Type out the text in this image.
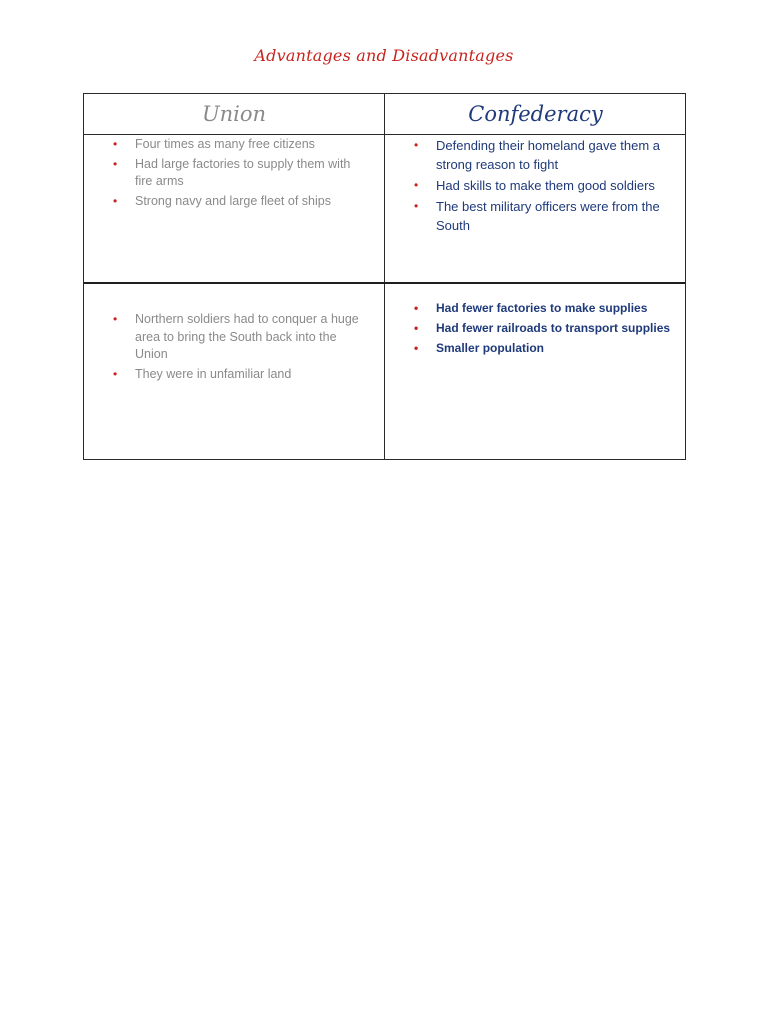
Advantages and Disadvantages
Union	Confederacy
• Four times as many free citizens
• Had large factories to supply them with fire arms
• Strong navy and large fleet of ships
• Defending their homeland gave them a strong reason to fight
• Had skills to make them good soldiers
• The best military officers were from the South
• Northern soldiers had to conquer a huge area to bring the South back into the Union
• They were in unfamiliar land
• Had fewer factories to make supplies
• Had fewer railroads to transport supplies
• Smaller population
